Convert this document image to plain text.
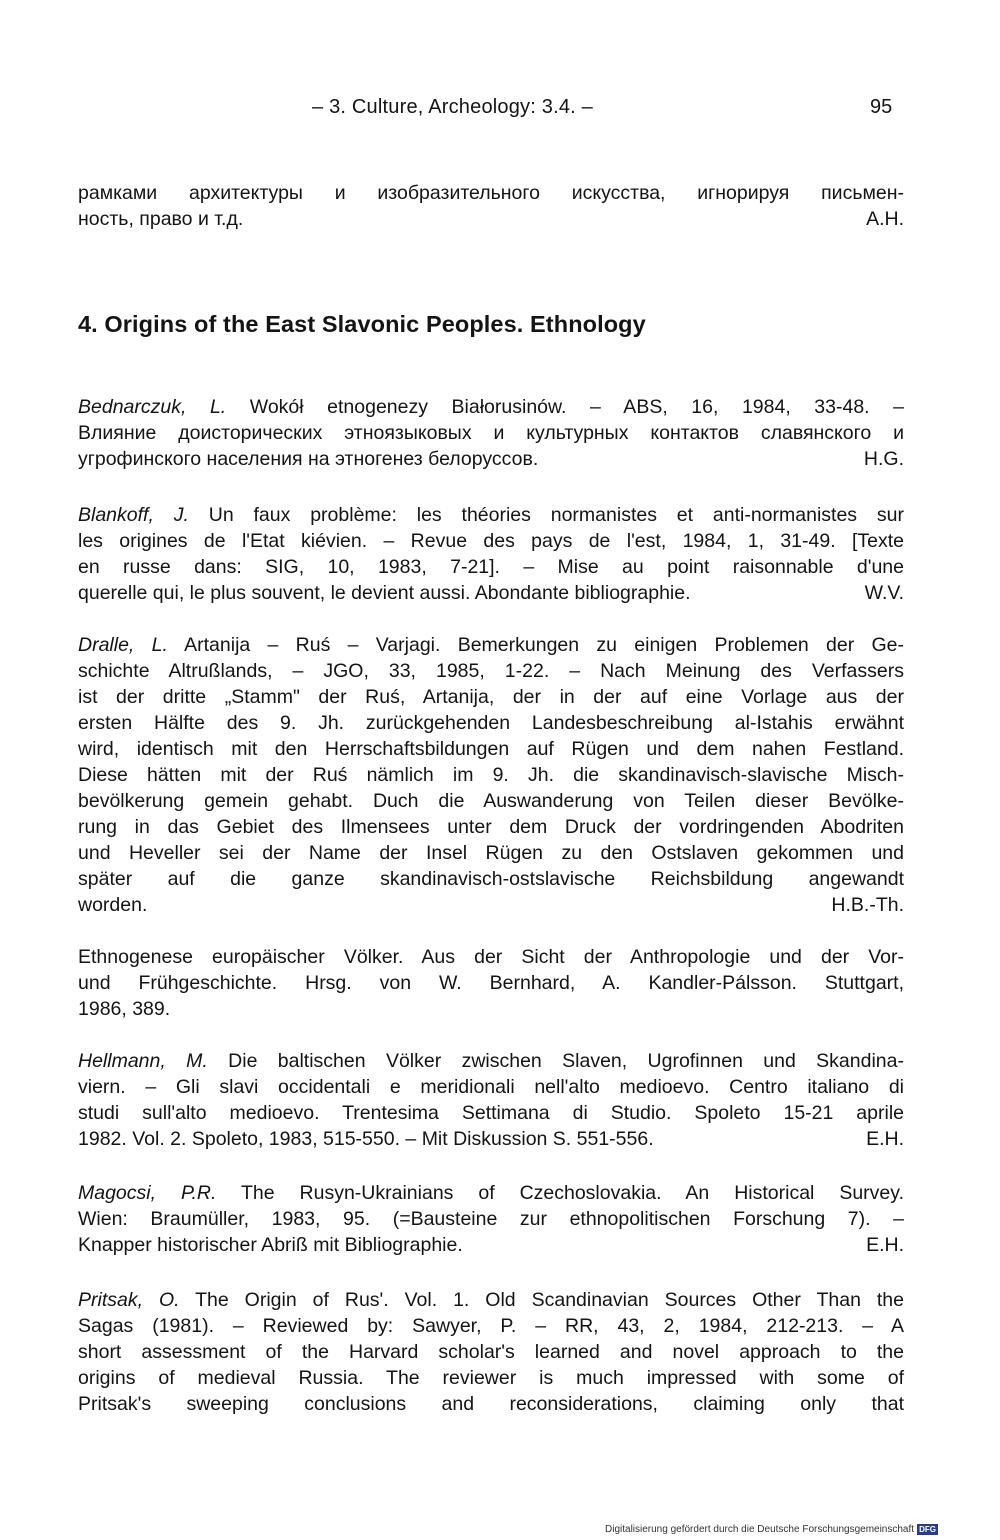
– 3. Culture, Archeology: 3.4. –	95

рамками архитектуры и изобразительного искусства, игнорируя письмен-

A.H.
ность, право и т.д.

4. Origins of the East Slavonic Peoples. Ethnology

Bednarczuk, L. Wokół etnogenezy Białorusinów. – ABS, 16, 1984, 33-48. –

Влияние доисторических этноязыковых и культурных контактов славянского и

H.G.
угрофинского населения на этногенез белоруссов.

Blankoff, J. Un faux problème: les théories normanistes et anti-normanistes sur

les origines de l'Etat kiévien. – Revue des pays de l'est, 1984, 1, 31-49. [Texte

en russe dans: SIG, 10, 1983, 7-21]. – Mise au point raisonnable d'une

W.V.
querelle qui, le plus souvent, le devient aussi. Abondante bibliographie.

Dralle, L. Artanija – Ruś – Varjagi. Bemerkungen zu einigen Problemen der Ge-

schichte Altrußlands, – JGO, 33, 1985, 1-22. – Nach Meinung des Verfassers

ist der dritte „Stamm" der Ruś, Artanija, der in der auf eine Vorlage aus der

ersten Hälfte des 9. Jh. zurückgehenden Landesbeschreibung al-Istahis erwähnt

wird, identisch mit den Herrschaftsbildungen auf Rügen und dem nahen Festland.

Diese hätten mit der Ruś nämlich im 9. Jh. die skandinavisch-slavische Misch-

bevölkerung gemein gehabt. Duch die Auswanderung von Teilen dieser Bevölke-

rung in das Gebiet des Ilmensees unter dem Druck der vordringenden Abodriten

und Heveller sei der Name der Insel Rügen zu den Ostslaven gekommen und

später auf die ganze skandinavisch-ostslavische Reichsbildung angewandt

H.B.-Th.
worden.

Ethnogenese europäischer Völker. Aus der Sicht der Anthropologie und der Vor-

und Frühgeschichte. Hrsg. von W. Bernhard, A. Kandler-Pálsson. Stuttgart,

1986, 389.

Hellmann, M. Die baltischen Völker zwischen Slaven, Ugrofinnen und Skandina-

viern. – Gli slavi occidentali e meridionali nell'alto medioevo. Centro italiano di

studi sull'alto medioevo. Trentesima Settimana di Studio. Spoleto 15-21 aprile

E.H.
1982. Vol. 2. Spoleto, 1983, 515-550. – Mit Diskussion S. 551-556.

Magocsi, P.R. The Rusyn-Ukrainians of Czechoslovakia. An Historical Survey.

Wien: Braumüller, 1983, 95. (=Bausteine zur ethnopolitischen Forschung 7). –

E.H.
Knapper historischer Abriß mit Bibliographie.

Pritsak, O. The Origin of Rus'. Vol. 1. Old Scandinavian Sources Other Than the

Sagas (1981). – Reviewed by: Sawyer, P. – RR, 43, 2, 1984, 212-213. – A

short assessment of the Harvard scholar's learned and novel approach to the

origins of medieval Russia. The reviewer is much impressed with some of

Pritsak's sweeping conclusions and reconsiderations, claiming only that

Digitalisierung gefördert durch die Deutsche Forschungsgemeinschaft DFG
